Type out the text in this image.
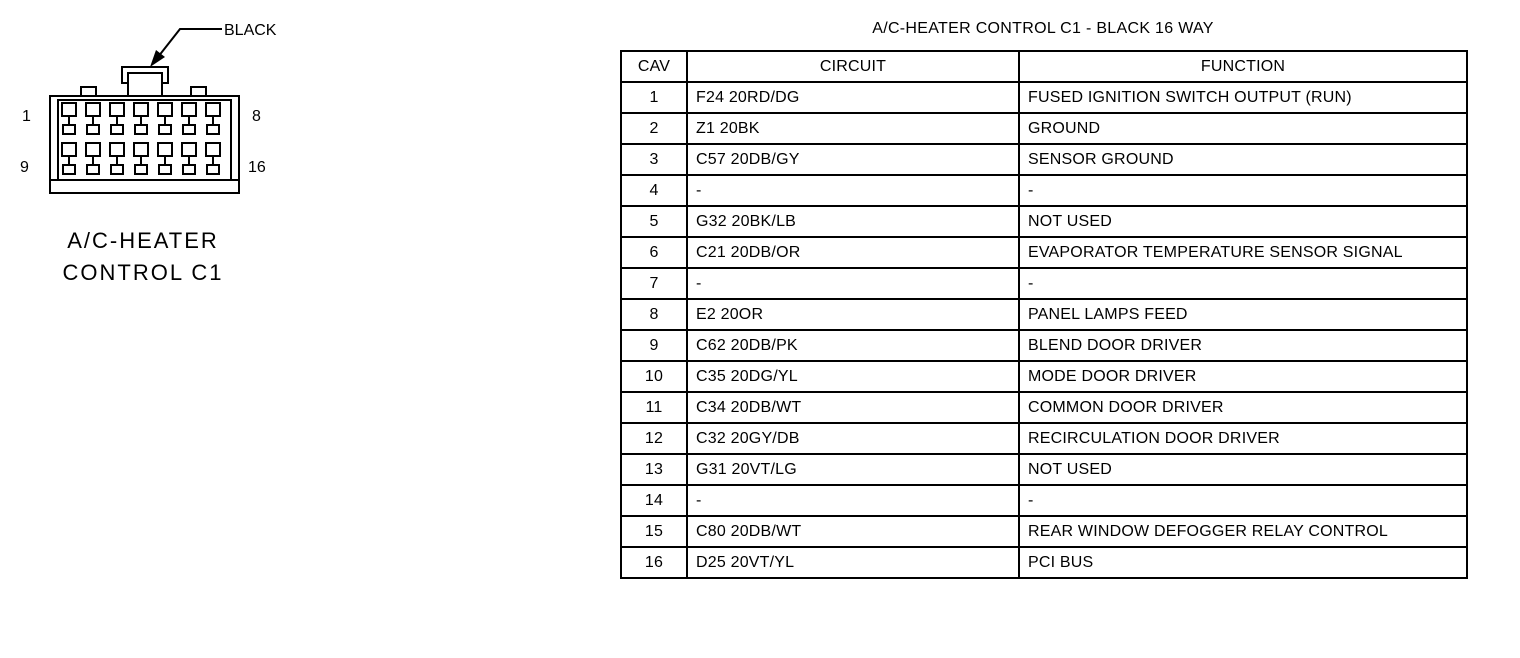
BLACK
1	8
9	16
A/C-HEATER
CONTROL C1
A/C-HEATER CONTROL C1 - BLACK 16 WAY
CAV	CIRCUIT	FUNCTION
1	F24 20RD/DG	FUSED IGNITION SWITCH OUTPUT (RUN)
2	Z1 20BK	GROUND
3	C57 20DB/GY	SENSOR GROUND
4	-	-
5	G32 20BK/LB	NOT USED
6	C21 20DB/OR	EVAPORATOR TEMPERATURE SENSOR SIGNAL
7	-	-
8	E2 20OR	PANEL LAMPS FEED
9	C62 20DB/PK	BLEND DOOR DRIVER
10	C35 20DG/YL	MODE DOOR DRIVER
11	C34 20DB/WT	COMMON DOOR DRIVER
12	C32 20GY/DB	RECIRCULATION DOOR DRIVER
13	G31 20VT/LG	NOT USED
14	-	-
15	C80 20DB/WT	REAR WINDOW DEFOGGER RELAY CONTROL
16	D25 20VT/YL	PCI BUS
